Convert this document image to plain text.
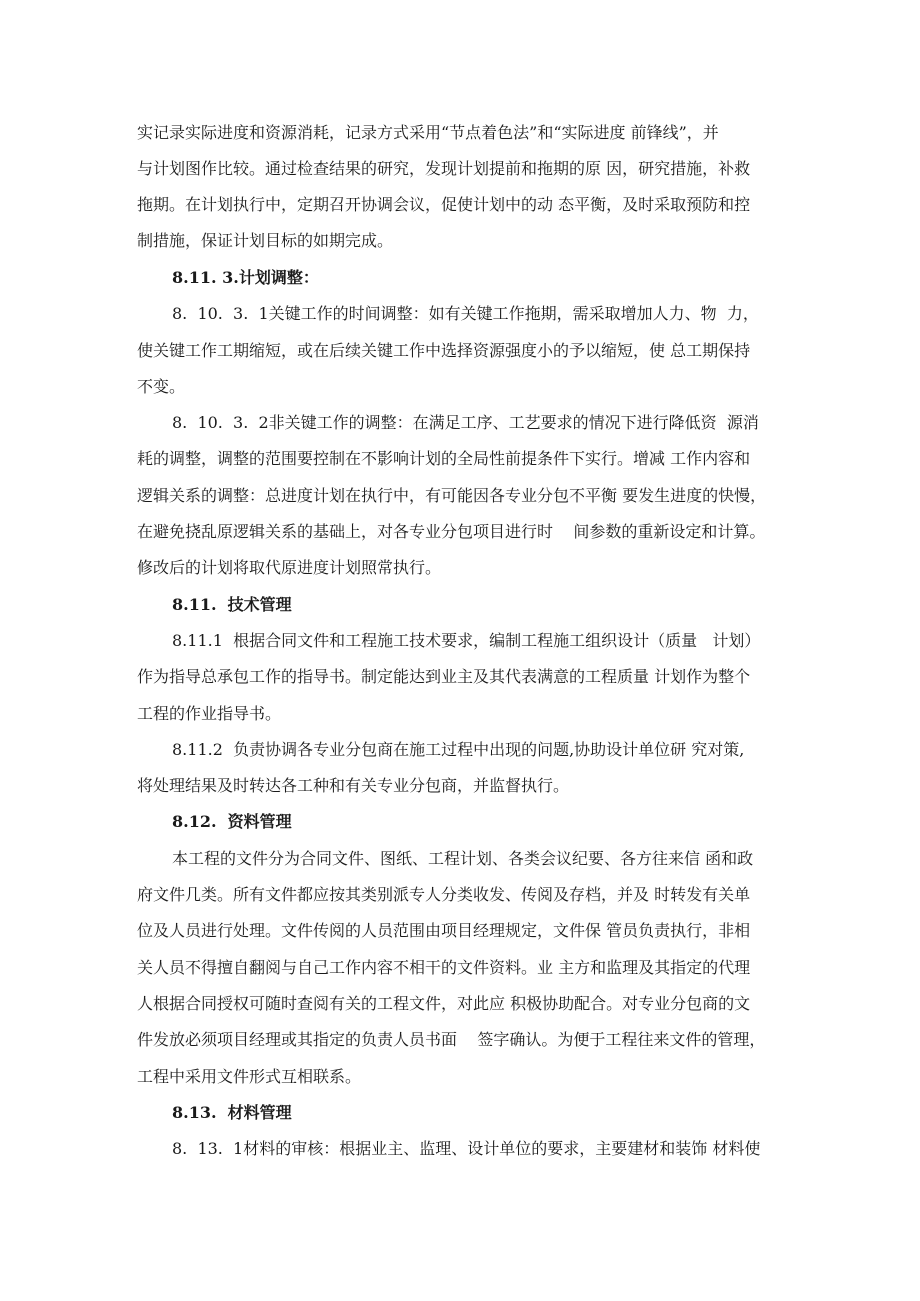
实记录实际进度和资源消耗，记录方式采用“节点着色法”和“实际进度 前锋线”，并
与计划图作比较。通过检查结果的研究，发现计划提前和拖期的原 因，研究措施，补救
拖期。在计划执行中，定期召开协调会议，促使计划中的动 态平衡，及时采取预防和控
制措施，保证计划目标的如期完成。
8.11. 3.计划调整：
8.  10.  3.  1关键工作的时间调整：如有关键工作拖期，需采取增加人力、物  力，
使关键工作工期缩短，或在后续关键工作中选择资源强度小的予以缩短，使 总工期保持
不变。
8.  10.  3.  2非关键工作的调整：在满足工序、工艺要求的情况下进行降低资  源消
耗的调整，调整的范围要控制在不影响计划的全局性前提条件下实行。增减 工作内容和
逻辑关系的调整：总进度计划在执行中，有可能因各专业分包不平衡 要发生进度的快慢，
在避免挠乱原逻辑关系的基础上，对各专业分包项目进行时    间参数的重新设定和计算。
修改后的计划将取代原进度计划照常执行。
8.11.  技术管理
8.11.1  根据合同文件和工程施工技术要求，编制工程施工组织设计（质量   计划）
作为指导总承包工作的指导书。制定能达到业主及其代表满意的工程质量 计划作为整个
工程的作业指导书。
8.11.2  负责协调各专业分包商在施工过程中出现的问题,协助设计单位研 究对策,
将处理结果及时转达各工种和有关专业分包商，并监督执行。
8.12.  资料管理
本工程的文件分为合同文件、图纸、工程计划、各类会议纪要、各方往来信 函和政
府文件几类。所有文件都应按其类别派专人分类收发、传阅及存档，并及 时转发有关单
位及人员进行处理。文件传阅的人员范围由项目经理规定，文件保 管员负责执行，非相
关人员不得擅自翻阅与自己工作内容不相干的文件资料。业 主方和监理及其指定的代理
人根据合同授权可随时查阅有关的工程文件，对此应 积极协助配合。对专业分包商的文
件发放必须项目经理或其指定的负责人员书面    签字确认。为便于工程往来文件的管理，
工程中采用文件形式互相联系。
8.13.  材料管理
8.  13.  1材料的审核：根据业主、监理、设计单位的要求，主要建材和装饰 材料使
